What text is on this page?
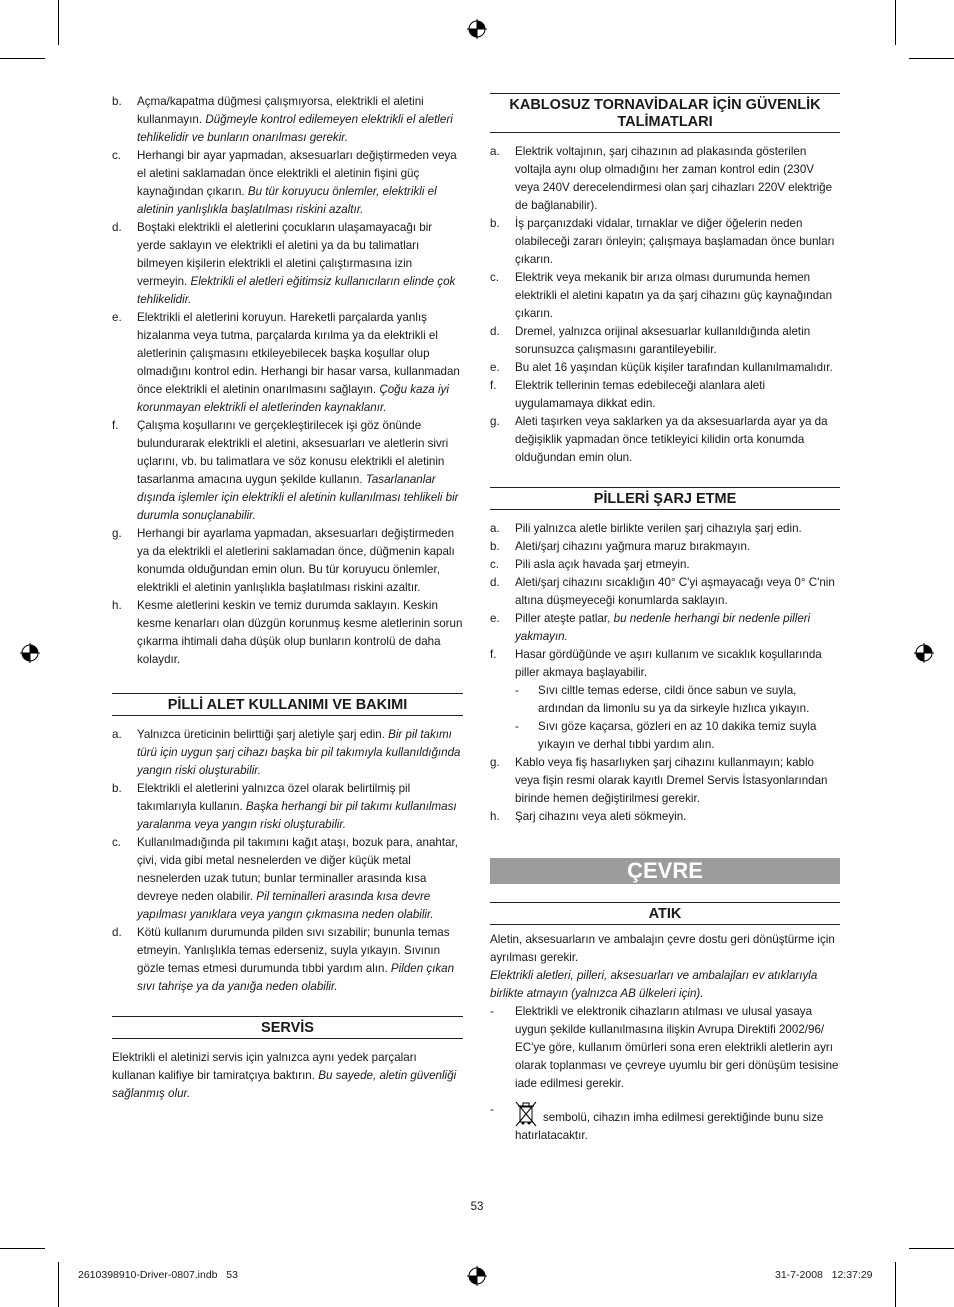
b. Açma/kapatma düğmesi çalışmıyorsa, elektrikli el aletini kullanmayın. Düğmeyle kontrol edilemeyen elektrikli el aletleri tehlikelidir ve bunların onarılması gerekir.

c. Herhangi bir ayar yapmadan, aksesuarları değiştirmeden veya el aletini saklamadan önce elektrikli el aletinin fişini güç kaynağından çıkarın. Bu tür koruyucu önlemler, elektrikli el aletinin yanlışlıkla başlatılması riskini azaltır.

d. Boştaki elektrikli el aletlerini çocukların ulaşamayacağı bir yerde saklayın ve elektrikli el aletini ya da bu talimatları bilmeyen kişilerin elektrikli el aletini çalıştırmasına izin vermeyin. Elektrikli el aletleri eğitimsiz kullanıcıların elinde çok tehlikelidir.

e. Elektrikli el aletlerini koruyun. Hareketli parçalarda yanlış hizalanma veya tutma, parçalarda kırılma ya da elektrikli el aletlerinin çalışmasını etkileyebilecek başka koşullar olup olmadığını kontrol edin. Herhangi bir hasar varsa, kullanmadan önce elektrikli el aletinin onarılmasını sağlayın. Çoğu kaza iyi korunmayan elektrikli el aletlerinden kaynaklanır.

f. Çalışma koşullarını ve gerçekleştirilecek işi göz önünde bulundurarak elektrikli el aletini, aksesuarları ve aletlerin sivri uçlarını, vb. bu talimatlara ve söz konusu elektrikli el aletinin tasarlanma amacına uygun şekilde kullanın. Tasarlananlar dışında işlemler için elektrikli el aletinin kullanılması tehlikeli bir durumla sonuçlanabilir.

g. Herhangi bir ayarlama yapmadan, aksesuarları değiştirmeden ya da elektrikli el aletlerini saklamadan önce, düğmenin kapalı konumda olduğundan emin olun. Bu tür koruyucu önlemler, elektrikli el aletinin yanlışlıkla başlatılması riskini azaltır.

h. Kesme aletlerini keskin ve temiz durumda saklayın. Keskin kesme kenarları olan düzgün korunmuş kesme aletlerinin sorun çıkarma ihtimali daha düşük olup bunların kontrolü de daha kolaydır.

PİLLİ ALET KULLANIMI VE BAKIMI

a. Yalnızca üreticinin belirttiği şarj aletiyle şarj edin. Bir pil takımı türü için uygun şarj cihazı başka bir pil takımıyla kullanıldığında yangın riski oluşturabilir.

b. Elektrikli el aletlerini yalnızca özel olarak belirtilmiş pil takımlarıyla kullanın. Başka herhangi bir pil takımı kullanılması yaralanma veya yangın riski oluşturabilir.

c. Kullanılmadığında pil takımını kağıt ataşı, bozuk para, anahtar, çivi, vida gibi metal nesnelerden ve diğer küçük metal nesnelerden uzak tutun; bunlar terminaller arasında kısa devreye neden olabilir. Pil teminalleri arasında kısa devre yapılması yanıklara veya yangın çıkmasına neden olabilir.

d. Kötü kullanım durumunda pilden sıvı sızabilir; bununla temas etmeyin. Yanlışlıkla temas ederseniz, suyla yıkayın. Sıvının gözle temas etmesi durumunda tıbbi yardım alın. Pilden çıkan sıvı tahrişe ya da yanığa neden olabilir.

SERVİS

Elektrikli el aletinizi servis için yalnızca aynı yedek parçaları kullanan kalifiye bir tamiratçıya baktırın. Bu sayede, aletin güvenliği sağlanmış olur.

KABLOSUZ TORNAVİDALAR İÇİN GÜVENLİK TALİMATLARI

a. Elektrik voltajının, şarj cihazının ad plakasında gösterilen voltajla aynı olup olmadığını her zaman kontrol edin (230V veya 240V derecelendirmesi olan şarj cihazları 220V elektriğe de bağlanabilir).

b. İş parçanızdaki vidalar, tırnaklar ve diğer öğelerin neden olabileceği zararı önleyin; çalışmaya başlamadan önce bunları çıkarın.

c. Elektrik veya mekanik bir arıza olması durumunda hemen elektrikli el aletini kapatın ya da şarj cihazını güç kaynağından çıkarın.

d. Dremel, yalnızca orijinal aksesuarlar kullanıldığında aletin sorunsuzca çalışmasını garantileyebilir.

e. Bu alet 16 yaşından küçük kişiler tarafından kullanılmamalıdır.

f. Elektrik tellerinin temas edebileceği alanlara aleti uygulamamaya dikkat edin.

g. Aleti taşırken veya saklarken ya da aksesuarlarda ayar ya da değişiklik yapmadan önce tetikleyici kilidin orta konumda olduğundan emin olun.

PİLLERİ ŞARJ ETME

a. Pili yalnızca aletle birlikte verilen şarj cihazıyla şarj edin.

b. Aleti/şarj cihazını yağmura maruz bırakmayın.

c. Pili asla açık havada şarj etmeyin.

d. Aleti/şarj cihazını sıcaklığın 40° C'yi aşmayacağı veya 0° C'nin altına düşmeyeceği konumlarda saklayın.

e. Piller ateşte patlar, bu nedenle herhangi bir nedenle pilleri yakmayın.

f. Hasar gördüğünde ve aşırı kullanım ve sıcaklık koşullarında piller akmaya başlayabilir.

- Sıvı ciltle temas ederse, cildi önce sabun ve suyla, ardından da limonlu su ya da sirkeyle hızlıca yıkayın.

- Sıvı göze kaçarsa, gözleri en az 10 dakika temiz suyla yıkayın ve derhal tıbbi yardım alın.

g. Kablo veya fiş hasarlıyken şarj cihazını kullanmayın; kablo veya fişin resmi olarak kayıtlı Dremel Servis İstasyonlarından birinde hemen değiştirilmesi gerekir.

h. Şarj cihazını veya aleti sökmeyin.

ÇEVRE
ATIK

Aletin, aksesuarların ve ambalajın çevre dostu geri dönüştürme için ayrılması gerekir.

Elektrikli aletleri, pilleri, aksesuarları ve ambalajları ev atıklarıyla birlikte atmayın (yalnızca AB ülkeleri için).

- Elektrikli ve elektronik cihazların atılması ve ulusal yasaya uygun şekilde kullanılmasına ilişkin Avrupa Direktifi 2002/96/ EC'ye göre, kullanım ömürleri sona eren elektrikli aletlerin ayrı olarak toplanması ve çevreye uyumlu bir geri dönüşüm tesisine iade edilmesi gerekir.

-
sembolü, cihazın imha edilmesi gerektiğinde bunu size hatırlatacaktır.
53
2610398910-Driver-0807.indb   53	31-7-2008   12:37:29
